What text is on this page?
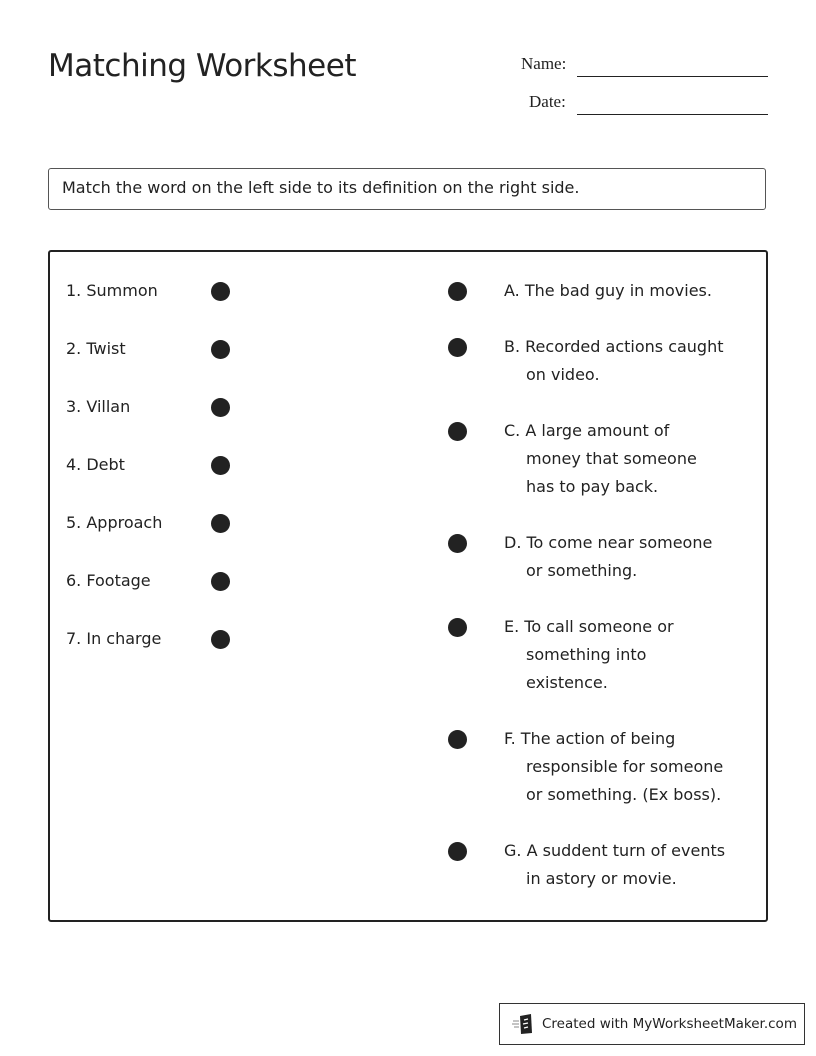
Matching Worksheet	Name:
Date:
Match the word on the left side to its definition on the right side.
1. Summon
2. Twist
3. Villan
4. Debt
5. Approach
6. Footage
7. In charge
A. The bad guy in movies.
B. Recorded actions caught
on video.
C. A large amount of
money that someone
has to pay back.
D. To come near someone
or something.
E. To call someone or
something into
existence.
F. The action of being
responsible for someone
or something. (Ex boss).
G. A suddent turn of events
in astory or movie.
Created with MyWorksheetMaker.com
